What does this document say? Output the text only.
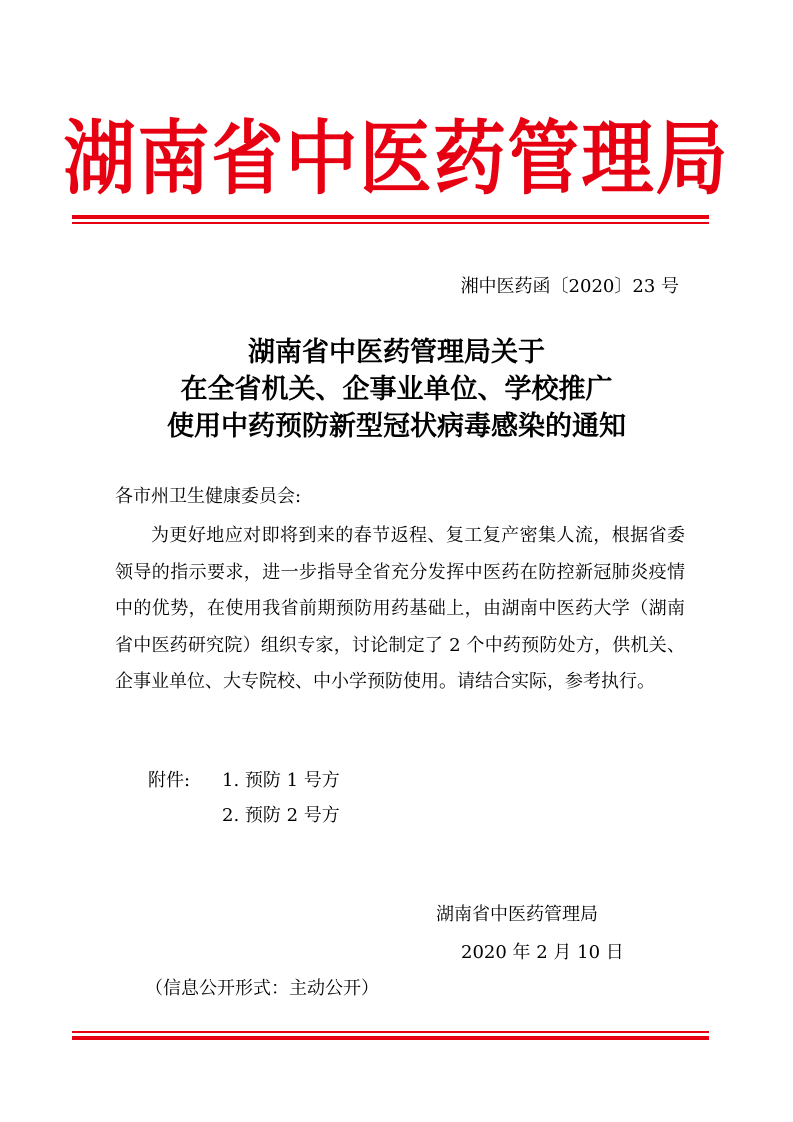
湖南省中医药管理局
湘中医药函〔2020〕23 号
湖南省中医药管理局关于
在全省机关、企事业单位、学校推广
使用中药预防新型冠状病毒感染的通知
各市州卫生健康委员会:
为更好地应对即将到来的春节返程、复工复产密集人流，根据省委领导的指示要求，进一步指导全省充分发挥中医药在防控新冠肺炎疫情中的优势，在使用我省前期预防用药基础上，由湖南中医药大学（湖南省中医药研究院）组织专家，讨论制定了 2 个中药预防处方，供机关、企事业单位、大专院校、中小学预防使用。请结合实际，参考执行。
附件: 1. 预防 1 号方
2. 预防 2 号方
湖南省中医药管理局
2020 年 2 月 10 日
（信息公开形式：主动公开）
